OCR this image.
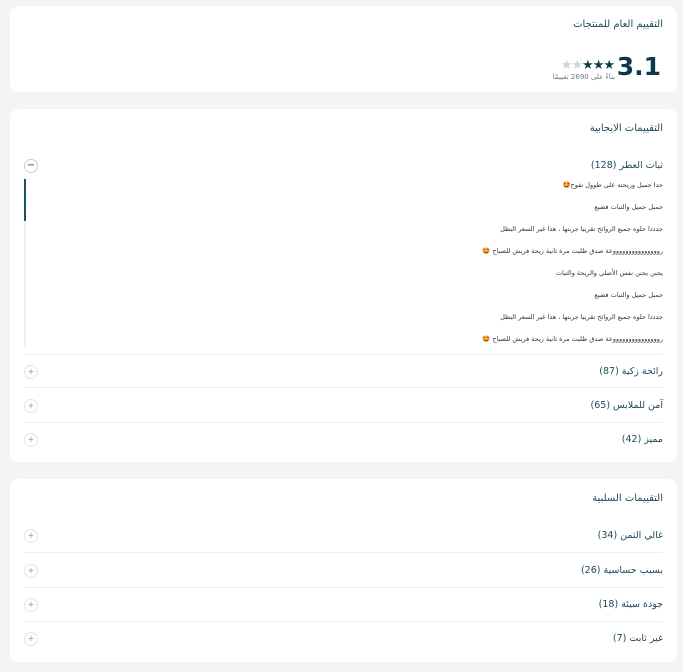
التقييم العام للمنتجات
3.1
★★★★★
بناءً على 2690 تقييمًا
التقييمات الايجابية
ثبات العطر (128)
−
حدا جميل وريحته على طوول تفوح🤩
جميل جميل والثبات فضيع
جدددا حلوه جميع الروائح تقريبا جربتها ، هذا غير السعر البطل
روووووووووووووووعة صدق طلبت مرة ثانية ريحة فريش للصباح 🤩
يجنن يجنن نفس الأصلي والريحة والثبات
جميل جميل والثبات فضيع
جدددا حلوه جميع الروائح تقريبا جربتها ، هذا غير السعر البطل
روووووووووووووووعة صدق طلبت مرة ثانية ريحة فريش للصباح 🤩
رائحة زكية (87)
+
آمن للملابس (65)
+
مميز (42)
+
التقييمات السلبية
غالي الثمن (34)
+
بسبب حساسية (26)
+
جودة سيئة (18)
+
غير ثابت (7)
+
